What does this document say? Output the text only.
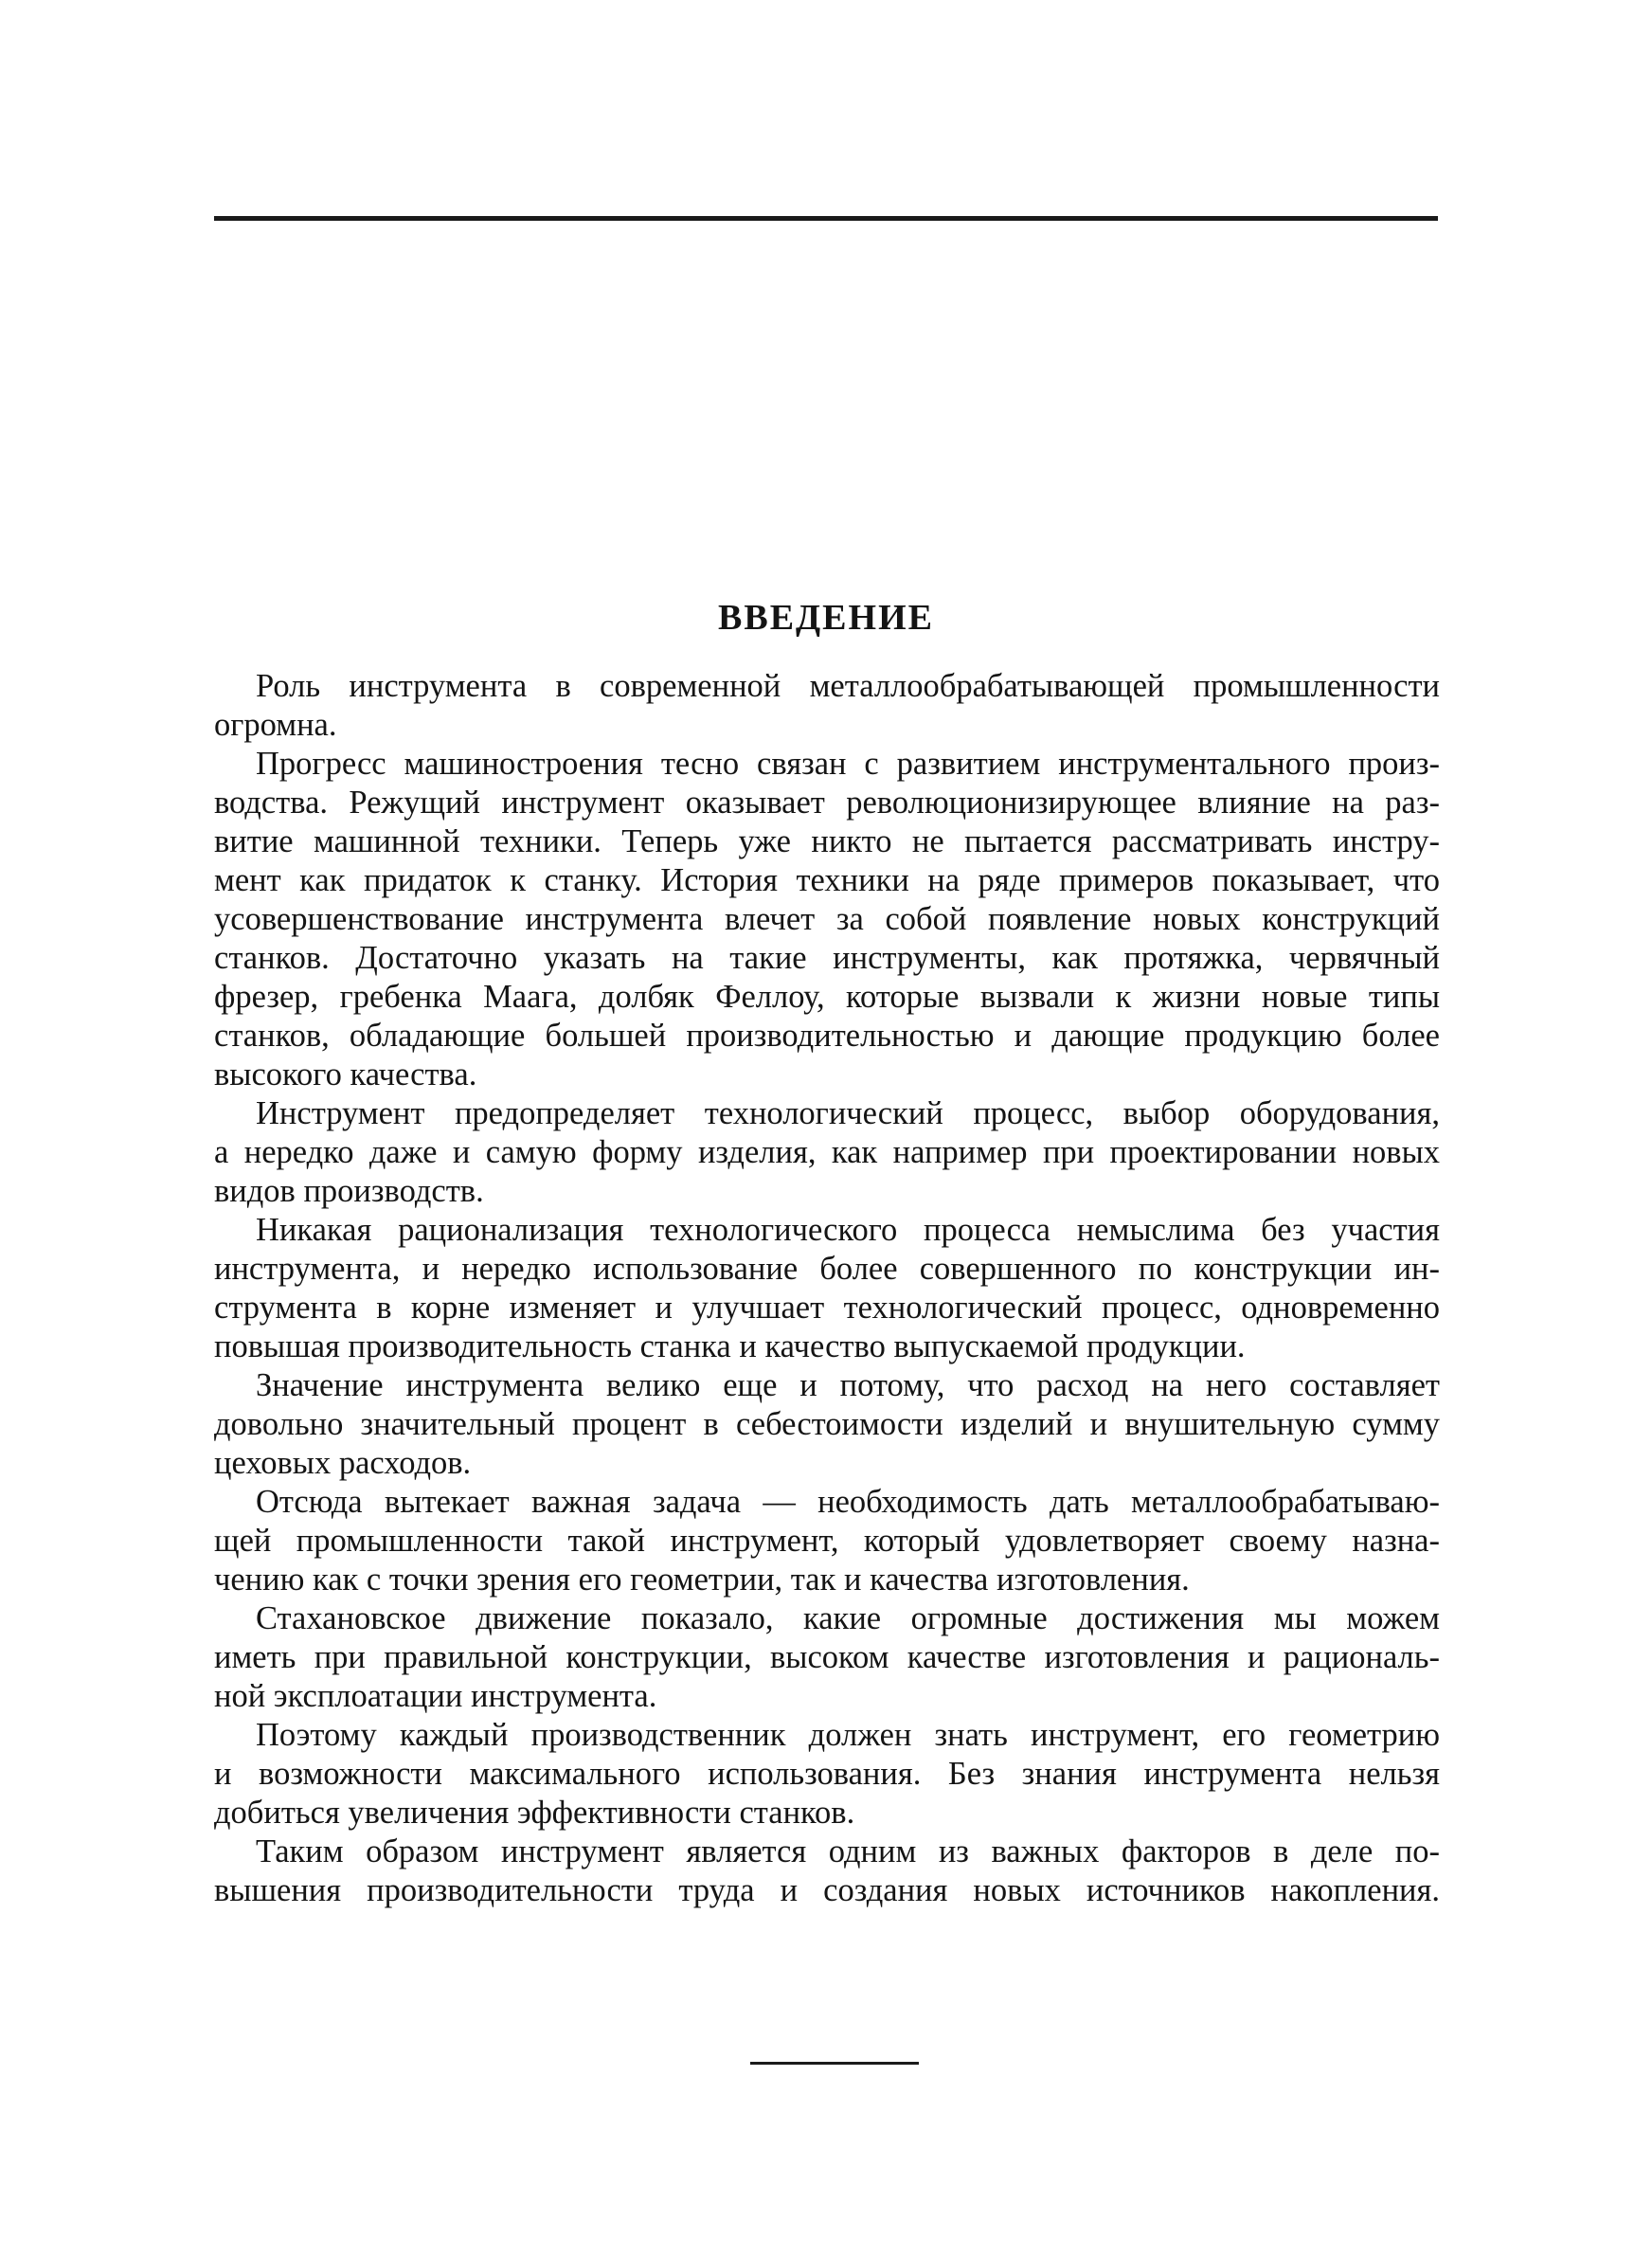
ВВЕДЕНИЕ
Роль инструмента в современной металлообрабатывающей промышленности
огромна.
Прогресс машиностроения тесно связан с развитием инструментального произ-
водства. Режущий инструмент оказывает революционизирующее влияние на раз-
витие машинной техники. Теперь уже никто не пытается рассматривать инстру-
мент как придаток к станку. История техники на ряде примеров показывает, что
усовершенствование инструмента влечет за собой появление новых конструкций
станков. Достаточно указать на такие инструменты, как протяжка, червячный
фрезер, гребенка Маага, долбяк Феллоу, которые вызвали к жизни новые типы
станков, обладающие большей производительностью и дающие продукцию более
высокого качества.
Инструмент предопределяет технологический процесс, выбор оборудования,
а нередко даже и самую форму изделия, как например при проектировании новых
видов производств.
Никакая рационализация технологического процесса немыслима без участия
инструмента, и нередко использование более совершенного по конструкции ин-
струмента в корне изменяет и улучшает технологический процесс, одновременно
повышая производительность станка и качество выпускаемой продукции.
Значение инструмента велико еще и потому, что расход на него составляет
довольно значительный процент в себестоимости изделий и внушительную сумму
цеховых расходов.
Отсюда вытекает важная задача — необходимость дать металлообрабатываю-
щей промышленности такой инструмент, который удовлетворяет своему назна-
чению как с точки зрения его геометрии, так и качества изготовления.
Стахановское движение показало, какие огромные достижения мы можем
иметь при правильной конструкции, высоком качестве изготовления и рациональ-
ной эксплоатации инструмента.
Поэтому каждый производственник должен знать инструмент, его геометрию
и возможности максимального использования. Без знания инструмента нельзя
добиться увеличения эффективности станков.
Таким образом инструмент является одним из важных факторов в деле по-
вышения производительности труда и создания новых источников накопления.
